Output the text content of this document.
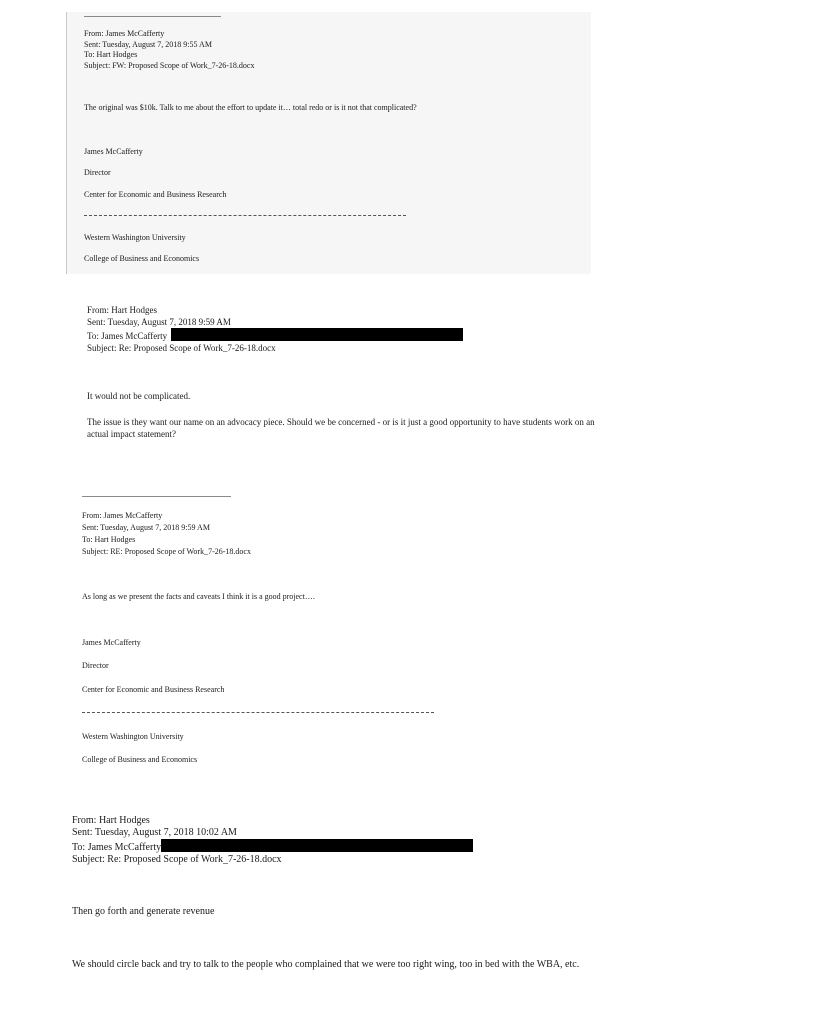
From: James McCafferty
Sent: Tuesday, August 7, 2018 9:55 AM
To: Hart Hodges
Subject: FW: Proposed Scope of Work_7-26-18.docx
The original was $10k. Talk to me about the effort to update it… total redo or is it not that complicated?
James McCafferty
Director
Center for Economic and Business Research
Western Washington University
College of Business and Economics
From: Hart Hodges
Sent: Tuesday, August 7, 2018 9:59 AM
To: James McCafferty
Subject: Re: Proposed Scope of Work_7-26-18.docx
It would not be complicated.
The issue is they want our name on an advocacy piece. Should we be concerned - or is it just a good opportunity to have students work on an
actual impact statement?
From: James McCafferty
Sent: Tuesday, August 7, 2018 9:59 AM
To: Hart Hodges
Subject: RE: Proposed Scope of Work_7-26-18.docx
As long as we present the facts and caveats I think it is a good project….
James McCafferty
Director
Center for Economic and Business Research
Western Washington University
College of Business and Economics
From: Hart Hodges
Sent: Tuesday, August 7, 2018 10:02 AM
To: James McCafferty
Subject: Re: Proposed Scope of Work_7-26-18.docx
Then go forth and generate revenue
We should circle back and try to talk to the people who complained that we were too right wing, too in bed with the WBA, etc.
